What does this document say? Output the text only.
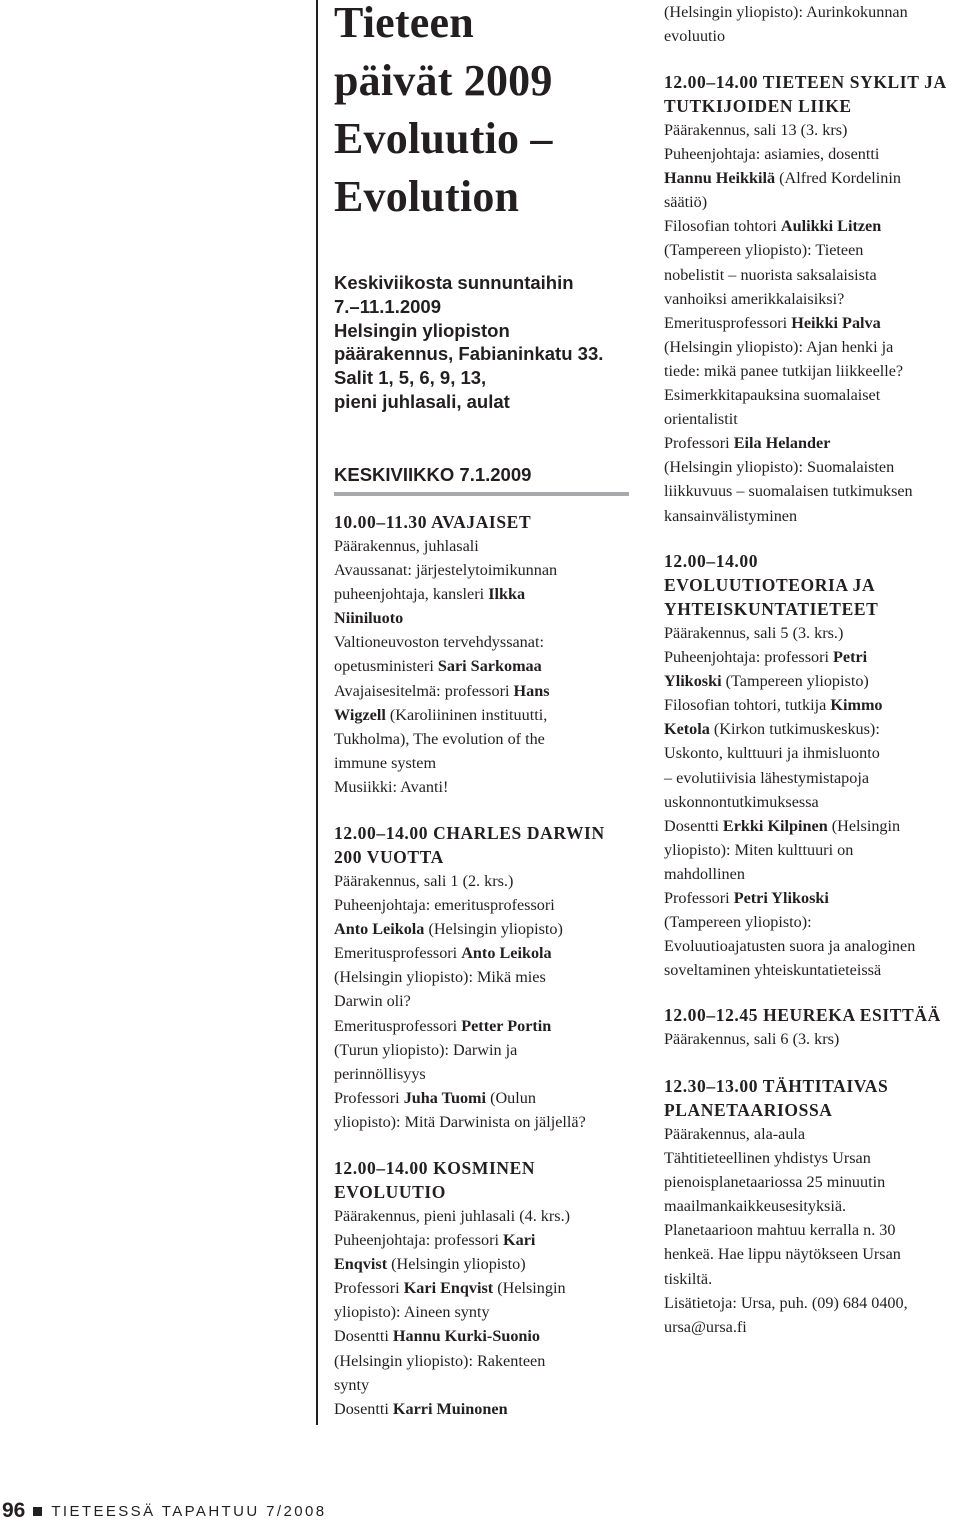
Tieteen
päivät 2009
Evoluutio –
Evolution
Keskiviikosta sunnuntaihin
7.–11.1.2009
Helsingin yliopiston
päärakennus, Fabianinkatu 33.
Salit 1, 5, 6, 9, 13,
pieni juhlasali, aulat
KESKIVIIKKO 7.1.2009
10.00–11.30 AVAJAISET
Päärakennus, juhlasali
Avaussanat: järjestelytoimikunnan
puheenjohtaja, kansleri Ilkka
Niiniluoto
Valtioneuvoston tervehdyssanat:
opetusministeri Sari Sarkomaa
Avajaisesitelmä: professori Hans
Wigzell (Karoliininen instituutti,
Tukholma), The evolution of the
immune system
Musiikki: Avanti!
12.00–14.00 CHARLES DARWIN
200 VUOTTA
Päärakennus, sali 1 (2. krs.)
Puheenjohtaja: emeritusprofessori
Anto Leikola (Helsingin yliopisto)
Emeritusprofessori Anto Leikola
(Helsingin yliopisto): Mikä mies
Darwin oli?
Emeritusprofessori Petter Portin
(Turun yliopisto): Darwin ja
perinnöllisyys
Professori Juha Tuomi (Oulun
yliopisto): Mitä Darwinista on jäljellä?
12.00–14.00 KOSMINEN
EVOLUUTIO
Päärakennus, pieni juhlasali (4. krs.)
Puheenjohtaja: professori Kari
Enqvist (Helsingin yliopisto)
Professori Kari Enqvist (Helsingin
yliopisto): Aineen synty
Dosentti Hannu Kurki-Suonio
(Helsingin yliopisto): Rakenteen
synty
Dosentti Karri Muinonen
(Helsingin yliopisto): Aurinkokunnan
evoluutio
12.00–14.00 TIETEEN SYKLIT JA
TUTKIJOIDEN LIIKE
Päärakennus, sali 13 (3. krs)
Puheenjohtaja: asiamies, dosentti
Hannu Heikkilä (Alfred Kordelinin
säätiö)
Filosofian tohtori Aulikki Litzen
(Tampereen yliopisto): Tieteen
nobelistit – nuorista saksalaisista
vanhoiksi amerikkalaisiksi?
Emeritusprofessori Heikki Palva
(Helsingin yliopisto): Ajan henki ja
tiede: mikä panee tutkijan liikkeelle?
Esimerkkitapauksina suomalaiset
orientalistit
Professori Eila Helander
(Helsingin yliopisto): Suomalaisten
liikkuvuus – suomalaisen tutkimuksen
kansainvälistyminen
12.00–14.00
EVOLUUTIOTEORIA JA
YHTEISKUNTATIETEET
Päärakennus, sali 5 (3. krs.)
Puheenjohtaja: professori Petri
Ylikoski (Tampereen yliopisto)
Filosofian tohtori, tutkija Kimmo
Ketola (Kirkon tutkimuskeskus):
Uskonto, kulttuuri ja ihmisluonto
– evolutiivisia lähestymistapoja
uskonnontutkimuksessa
Dosentti Erkki Kilpinen (Helsingin
yliopisto): Miten kulttuuri on
mahdollinen
Professori Petri Ylikoski
(Tampereen yliopisto):
Evoluutioajatusten suora ja analoginen
soveltaminen yhteiskuntatieteissä
12.00–12.45 HEUREKA ESITTÄÄ
Päärakennus, sali 6 (3. krs)
12.30–13.00 TÄHTITAIVAS
PLANETAARIOSSA
Päärakennus, ala-aula
Tähtitieteellinen yhdistys Ursan
pienoisplanetaariossa 25 minuutin
maailmankaikkeusesityksiä.
Planetaarioon mahtuu kerralla n. 30
henkeä. Hae lippu näytökseen Ursan
tiskiltä.
Lisätietoja: Ursa, puh. (09) 684 0400,
ursa@ursa.fi
96 TIETEESSÄ TAPAHTUU 7/2008
